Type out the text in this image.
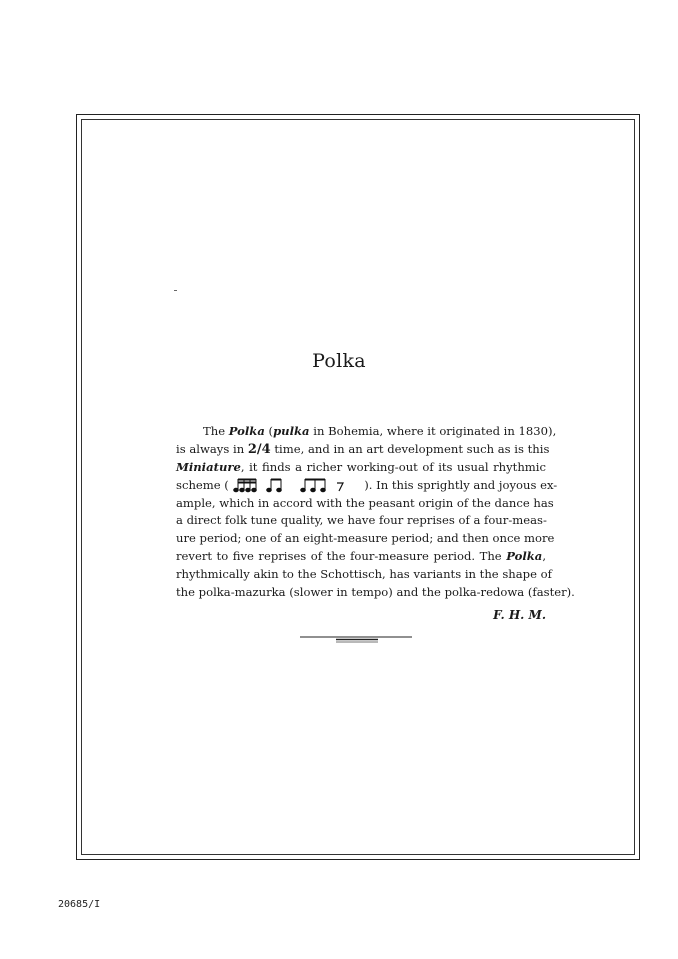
Polka
The Polka (pulka in Bohemia, where it originated in 1830),
is always in 2/4 time, and in an art development such as is this
Miniature, it finds a richer working-out of its usual rhythmic
scheme (	). In this sprightly and joyous ex-
ample, which in accord with the peasant origin of the dance has
a direct folk tune quality, we have four reprises of a four-meas-
ure period; one of an eight-measure period; and then once more
revert to five reprises of the four-measure period. The Polka,
rhythmically akin to the Schottisch, has variants in the shape of
the polka-mazurka (slower in tempo) and the polka-redowa (faster).
F. H. M.
20685/I
